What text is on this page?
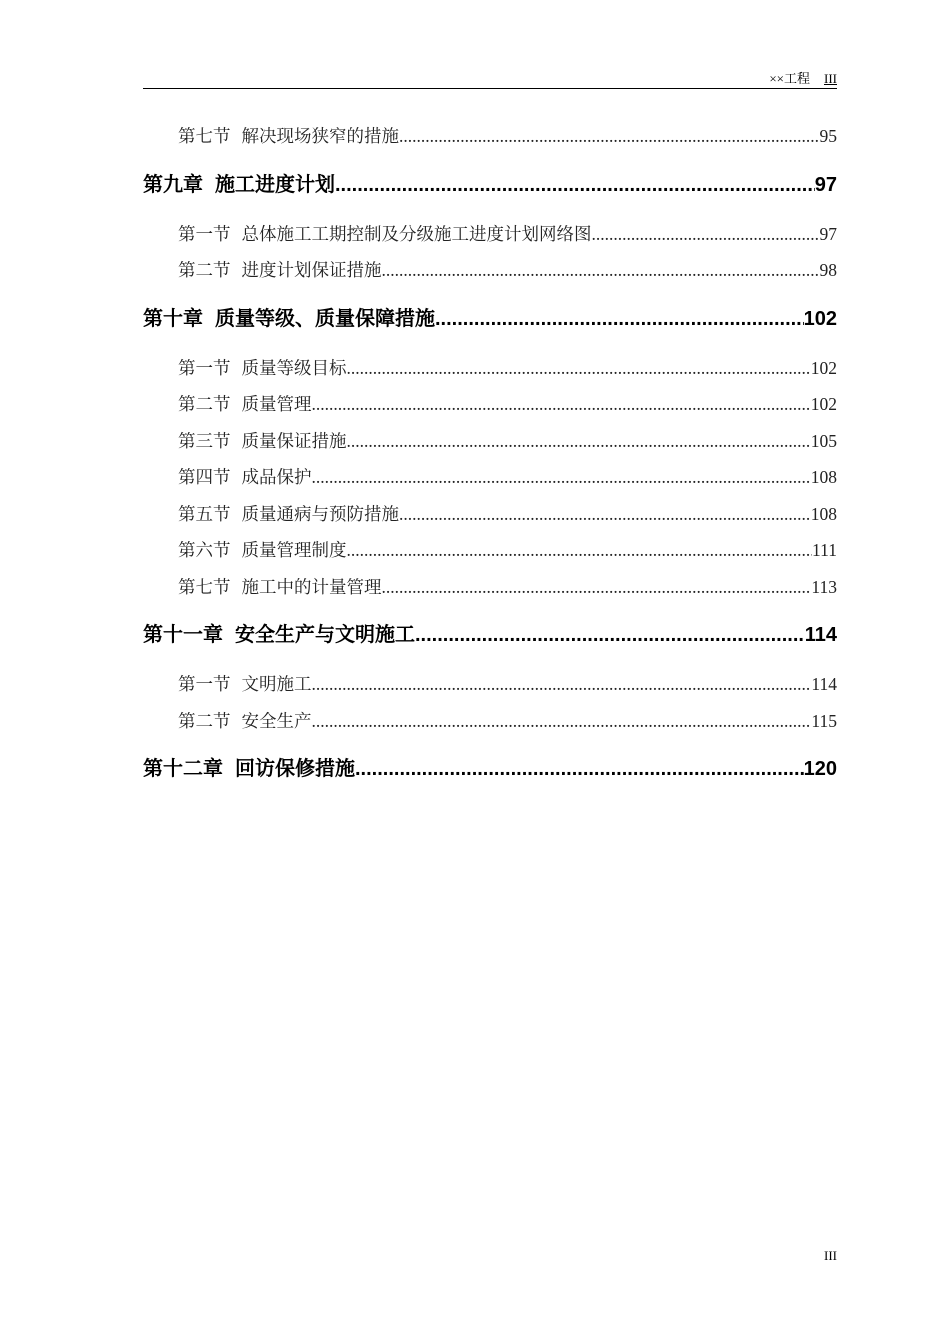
××工程 III
第七节 解决现场狭窄的措施 .....	95
第九章 施工进度计划 .....	97
第一节 总体施工工期控制及分级施工进度计划网络图 .....	97
第二节 进度计划保证措施 .....	98
第十章 质量等级、质量保障措施 .....	102
第一节 质量等级目标 .....	102
第二节 质量管理 .....	102
第三节 质量保证措施 .....	105
第四节 成品保护 .....	108
第五节 质量通病与预防措施 .....	108
第六节 质量管理制度 .....	111
第七节 施工中的计量管理 .....	113
第十一章 安全生产与文明施工 .....	114
第一节 文明施工 .....	114
第二节 安全生产 .....	115
第十二章 回访保修措施 .....	120
III
